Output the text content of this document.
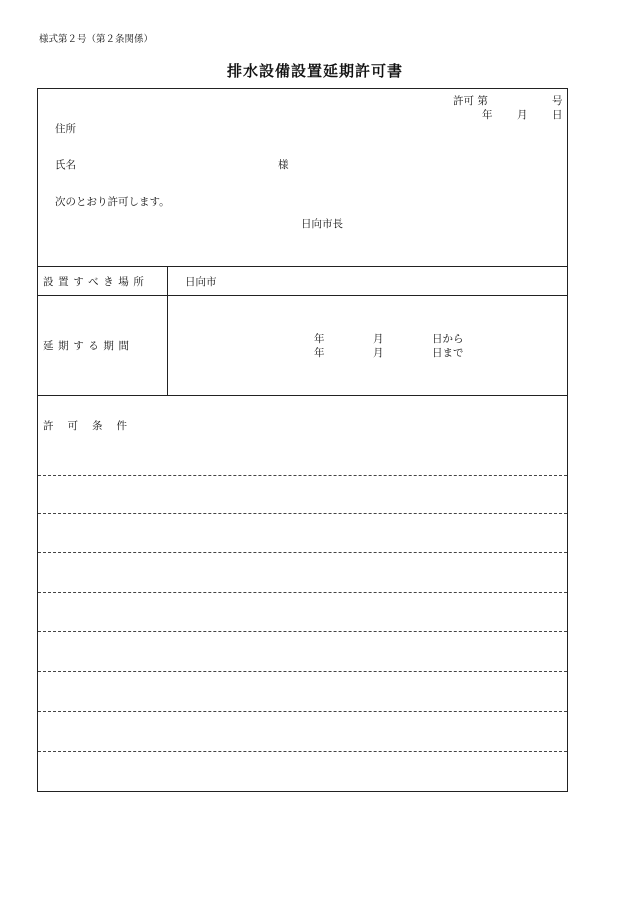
様式第２号（第２条関係）
排水設備設置延期許可書
許可 第	号
年 月 日
住所
氏名	様
次のとおり許可します。
日向市長
設置すべき場所	日向市
延期する期間
年	月	日から
年	月	日まで
許可条件
